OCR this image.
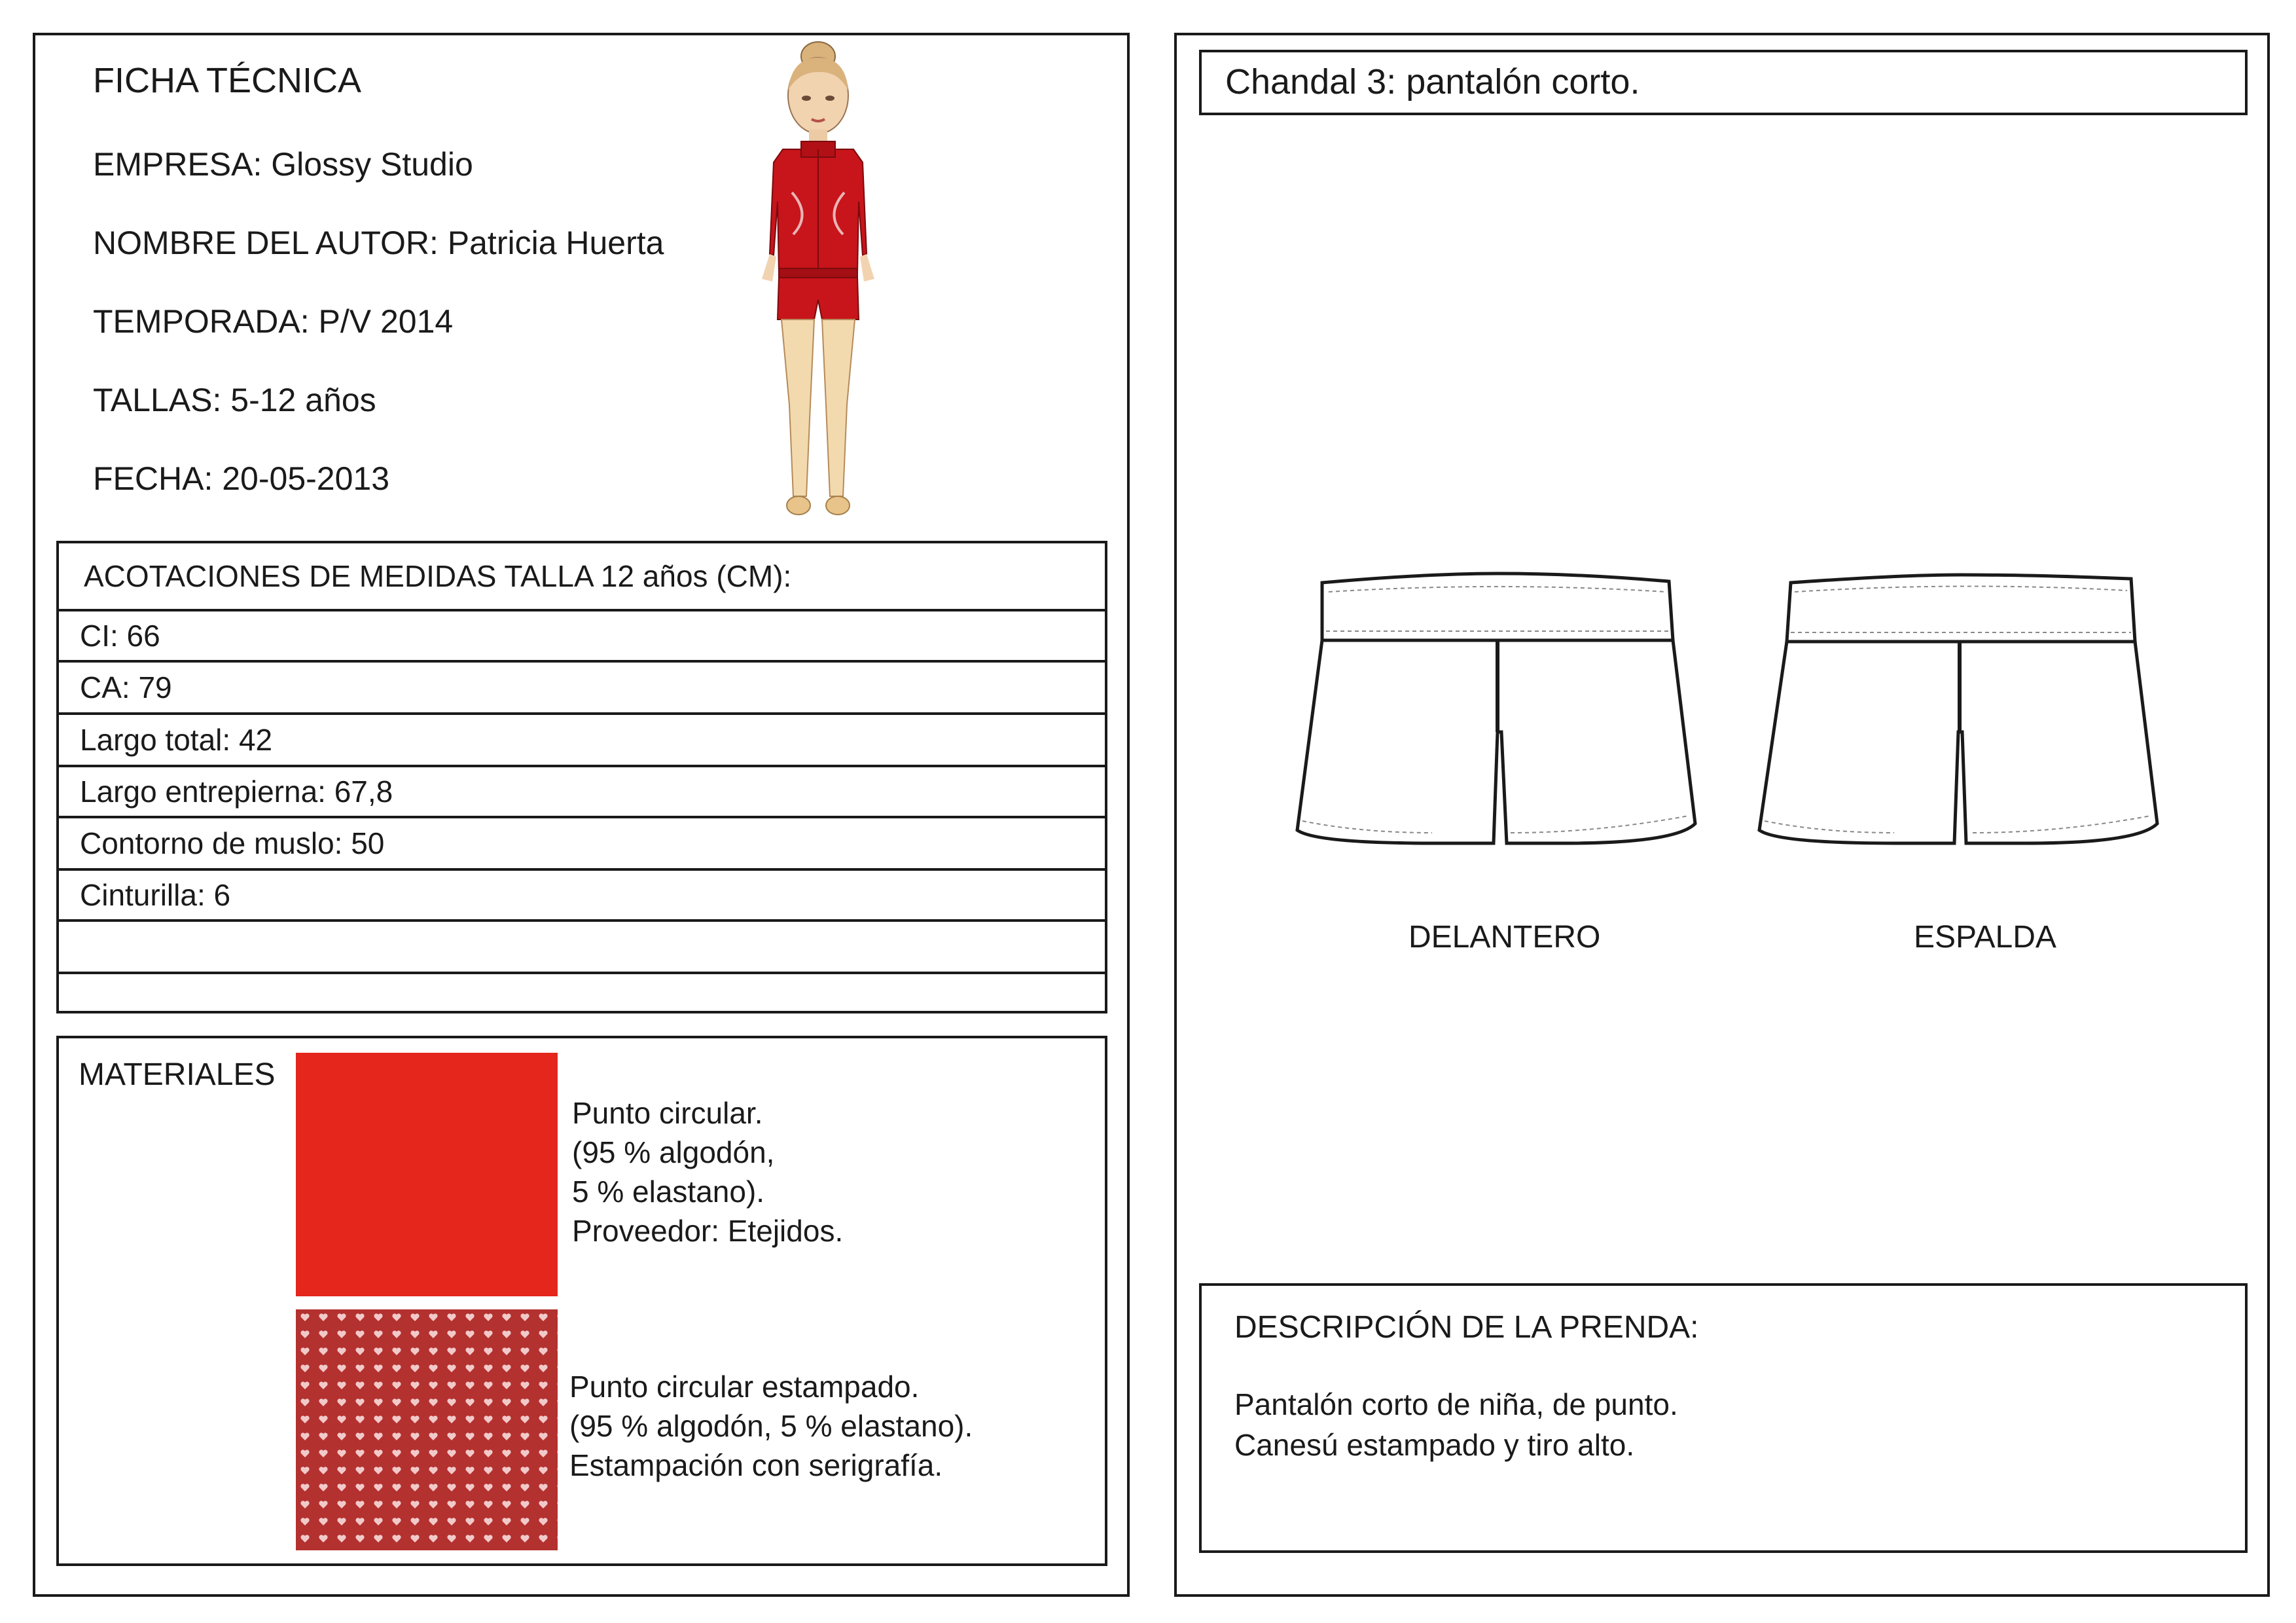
FICHA TÉCNICA
EMPRESA: Glossy Studio
NOMBRE DEL AUTOR: Patricia Huerta
TEMPORADA: P/V 2014
TALLAS: 5-12 años
FECHA: 20-05-2013
ACOTACIONES DE MEDIDAS TALLA 12 años (CM):
CI: 66
CA: 79
Largo total: 42
Largo entrepierna: 67,8
Contorno de muslo: 50
Cinturilla: 6
MATERIALES
Punto circular.
(95 % algodón,
5 % elastano).
Proveedor: Etejidos.
Punto circular estampado.
(95 % algodón, 5 % elastano).
Estampación con serigrafía.
Chandal 3: pantalón corto.
DELANTERO	ESPALDA
DESCRIPCIÓN DE LA PRENDA:
Pantalón corto de niña, de punto.
Canesú estampado y tiro alto.
